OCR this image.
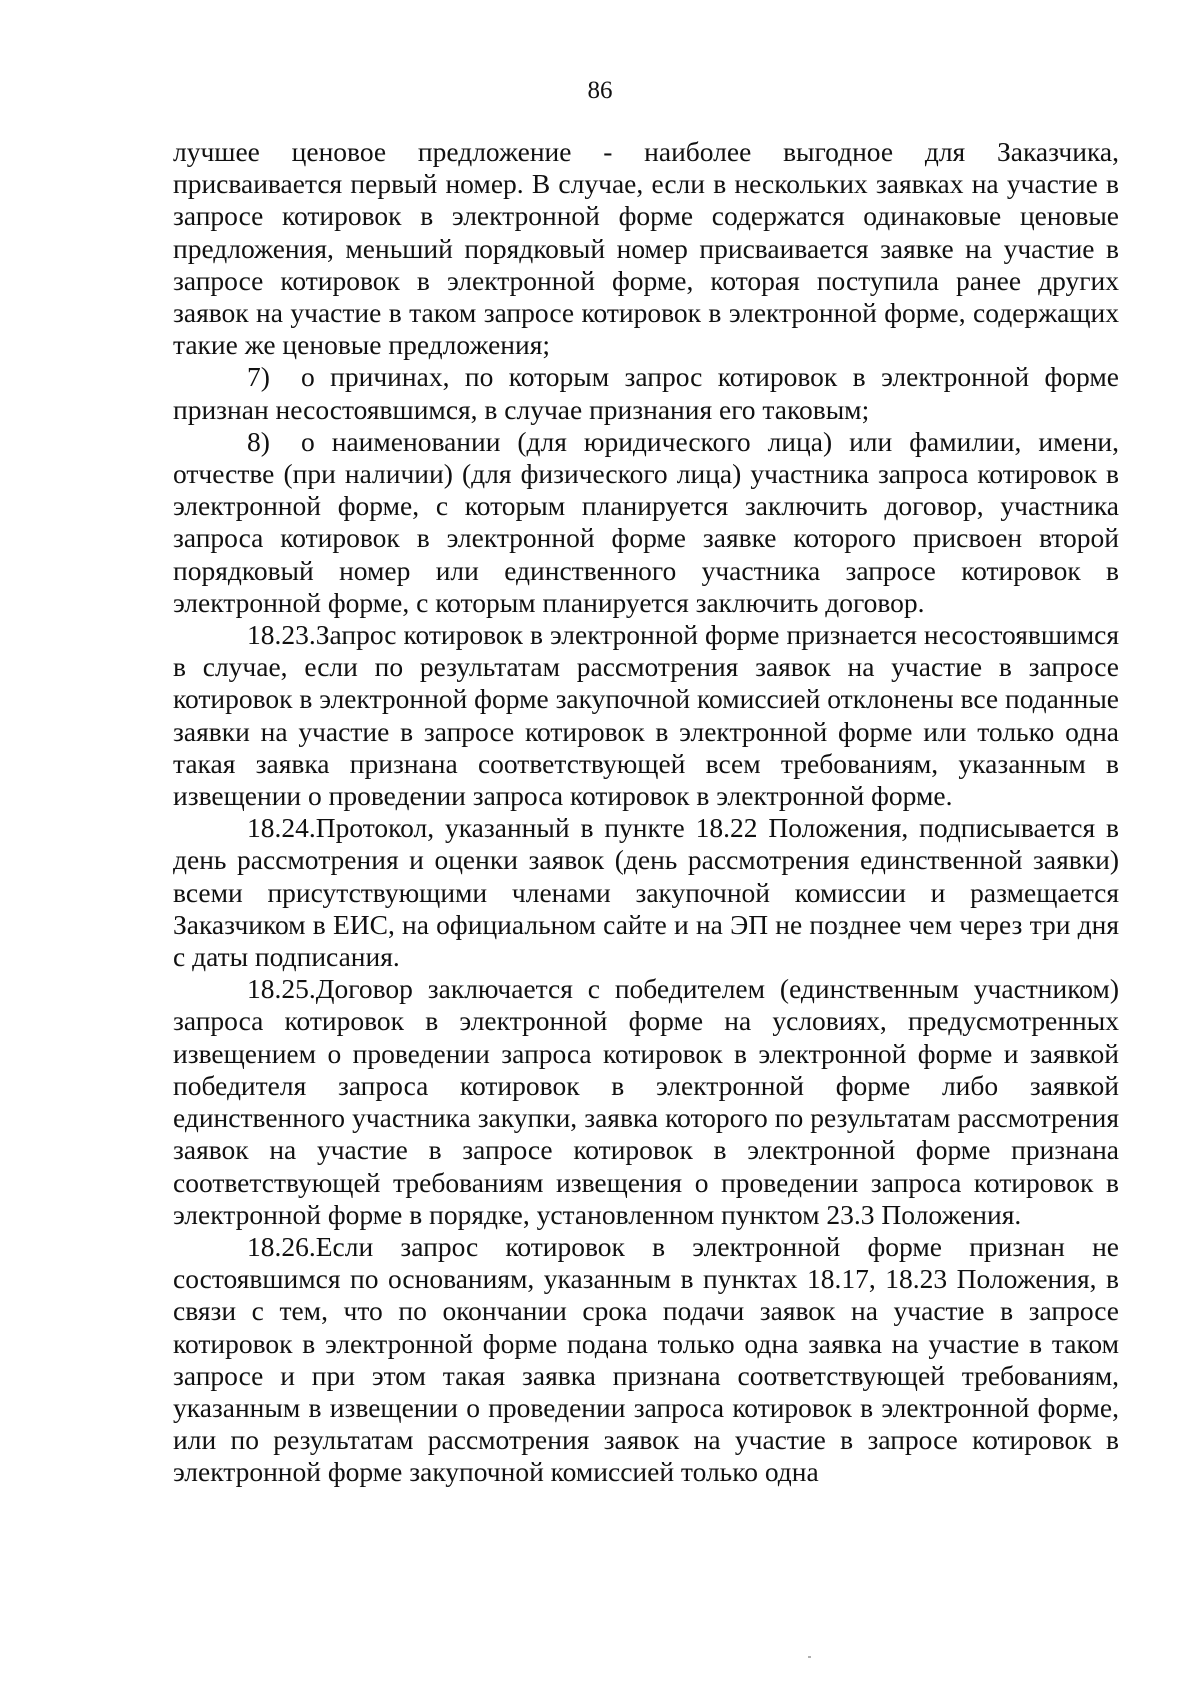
86

лучшее ценовое предложение - наиболее выгодное для Заказчика, присваивается первый номер. В случае, если в нескольких заявках на участие в запросе котировок в электронной форме содержатся одинаковые ценовые предложения, меньший порядковый номер присваивается заявке на участие в запросе котировок в электронной форме, которая поступила ранее других заявок на участие в таком запросе котировок в электронной форме, содержащих такие же ценовые предложения;

7) о причинах, по которым запрос котировок в электронной форме признан несостоявшимся, в случае признания его таковым;

8) о наименовании (для юридического лица) или фамилии, имени, отчестве (при наличии) (для физического лица) участника запроса котировок в электронной форме, с которым планируется заключить договор, участника запроса котировок в электронной форме заявке которого присвоен второй порядковый номер или единственного участника запросе котировок в электронной форме, с которым планируется заключить договор.

18.23.Запрос котировок в электронной форме признается несостоявшимся в случае, если по результатам рассмотрения заявок на участие в запросе котировок в электронной форме закупочной комиссией отклонены все поданные заявки на участие в запросе котировок в электронной форме или только одна такая заявка признана соответствующей всем требованиям, указанным в извещении о проведении запроса котировок в электронной форме.

18.24.Протокол, указанный в пункте 18.22 Положения, подписывается в день рассмотрения и оценки заявок (день рассмотрения единственной заявки) всеми присутствующими членами закупочной комиссии и размещается Заказчиком в ЕИС, на официальном сайте и на ЭП не позднее чем через три дня с даты подписания.

18.25.Договор заключается с победителем (единственным участником) запроса котировок в электронной форме на условиях, предусмотренных извещением о проведении запроса котировок в электронной форме и заявкой победителя запроса котировок в электронной форме либо заявкой единственного участника закупки, заявка которого по результатам рассмотрения заявок на участие в запросе котировок в электронной форме признана соответствующей требованиям извещения о проведении запроса котировок в электронной форме в порядке, установленном пунктом 23.3 Положения.

18.26.Если запрос котировок в электронной форме признан не состоявшимся по основаниям, указанным в пунктах 18.17, 18.23 Положения, в связи с тем, что по окончании срока подачи заявок на участие в запросе котировок в электронной форме подана только одна заявка на участие в таком запросе и при этом такая заявка признана соответствующей требованиям, указанным в извещении о проведении запроса котировок в электронной форме, или по результатам рассмотрения заявок на участие в запросе котировок в электронной форме закупочной комиссией только одна
